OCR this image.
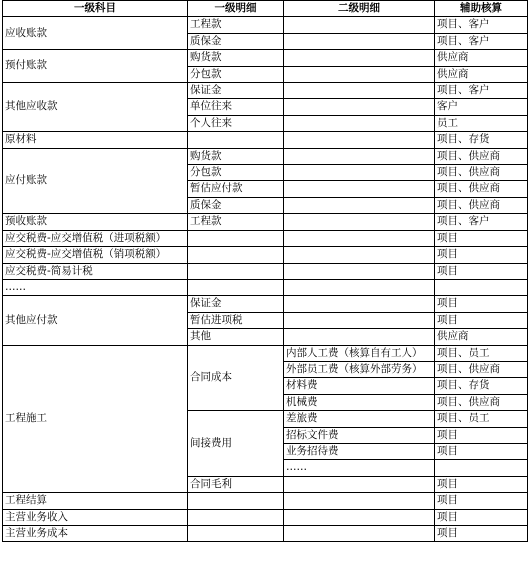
一级科目	一级明细	二级明细	辅助核算
应收账款	工程款		项目、客户
	质保金		项目、客户
预付账款	购货款		供应商
	分包款		供应商
其他应收款	保证金		项目、客户
	单位往来		客户
	个人往来		员工
原材料			项目、存货
应付账款	购货款		项目、供应商
	分包款		项目、供应商
	暂估应付款		项目、供应商
	质保金		项目、供应商
预收账款	工程款		项目、客户
应交税费-应交增值税（进项税额）			项目
应交税费-应交增值税（销项税额）			项目
应交税费-简易计税			项目
……			
其他应付款	保证金		项目
	暂估进项税		项目
	其他		供应商
工程施工	合同成本	内部人工费（核算自有工人）	项目、员工
		外部员工费（核算外部劳务）	项目、供应商
		材料费	项目、存货
		机械费	项目、供应商
	间接费用	差旅费	项目、员工
		招标文件费	项目
		业务招待费	项目
		……	
	合同毛利		项目
工程结算			项目
主营业务收入			项目
主营业务成本			项目
